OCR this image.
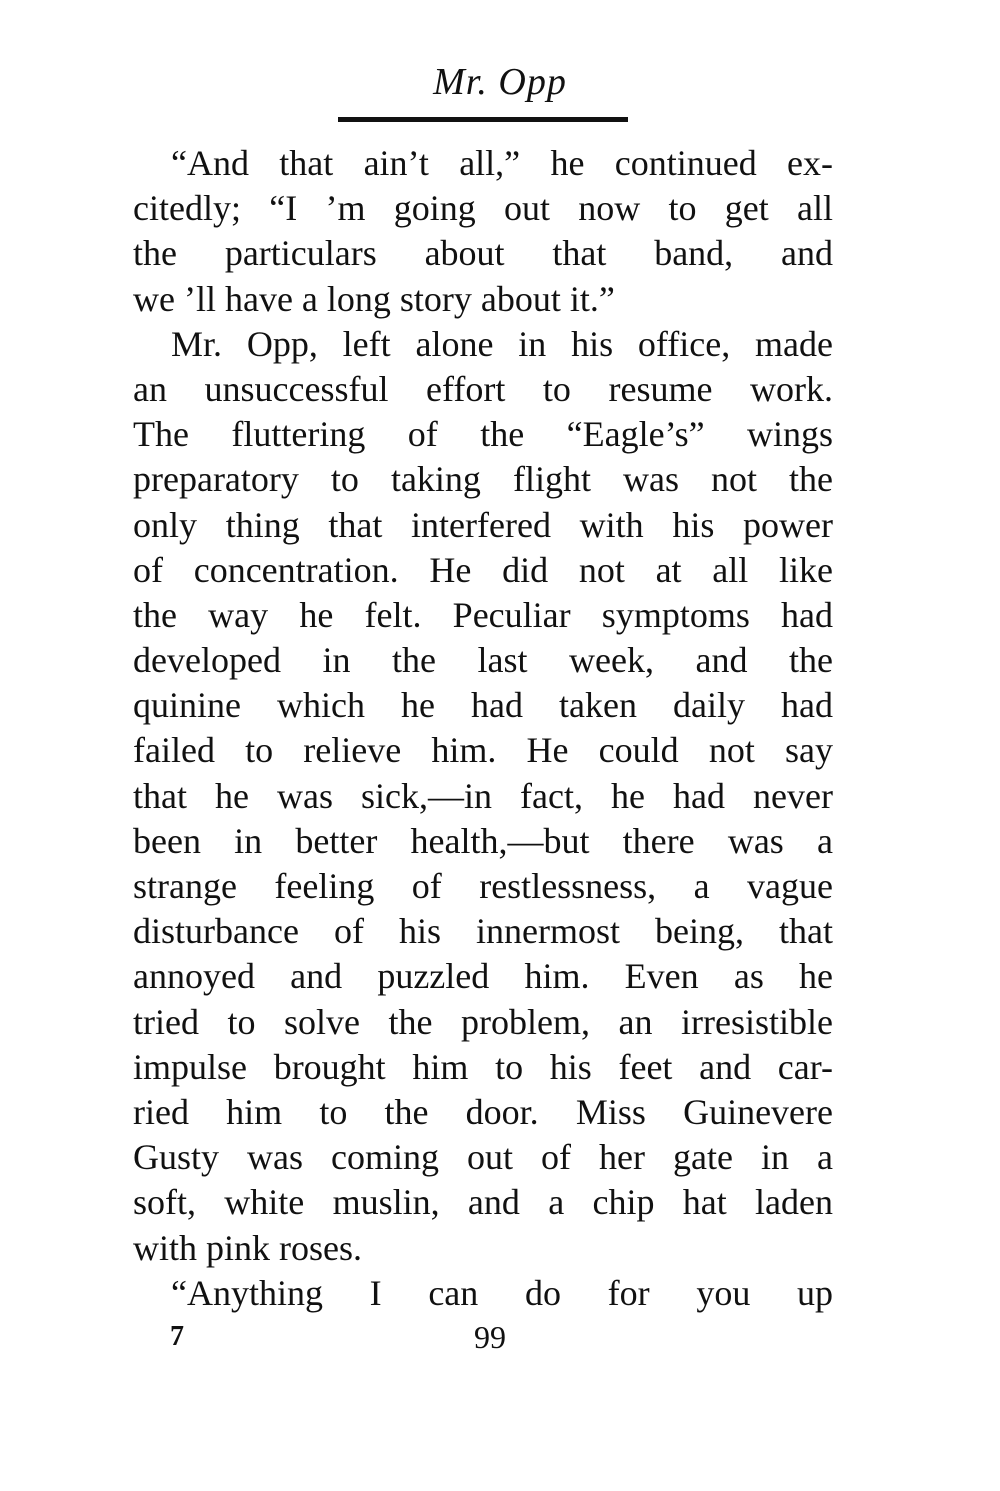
Mr. Opp
“And that ain’t all,” he continued ex-
citedly; “I ’m going out now to get all
the particulars about that band, and
we ’ll have a long story about it.”
Mr. Opp, left alone in his office, made
an unsuccessful effort to resume work.
The fluttering of the “Eagle’s” wings
preparatory to taking flight was not the
only thing that interfered with his power
of concentration. He did not at all like
the way he felt. Peculiar symptoms had
developed in the last week, and the
quinine which he had taken daily had
failed to relieve him. He could not say
that he was sick,—in fact, he had never
been in better health,—but there was a
strange feeling of restlessness, a vague
disturbance of his innermost being, that
annoyed and puzzled him. Even as he
tried to solve the problem, an irresistible
impulse brought him to his feet and car-
ried him to the door. Miss Guinevere
Gusty was coming out of her gate in a
soft, white muslin, and a chip hat laden
with pink roses.
“Anything I can do for you up
7	99
